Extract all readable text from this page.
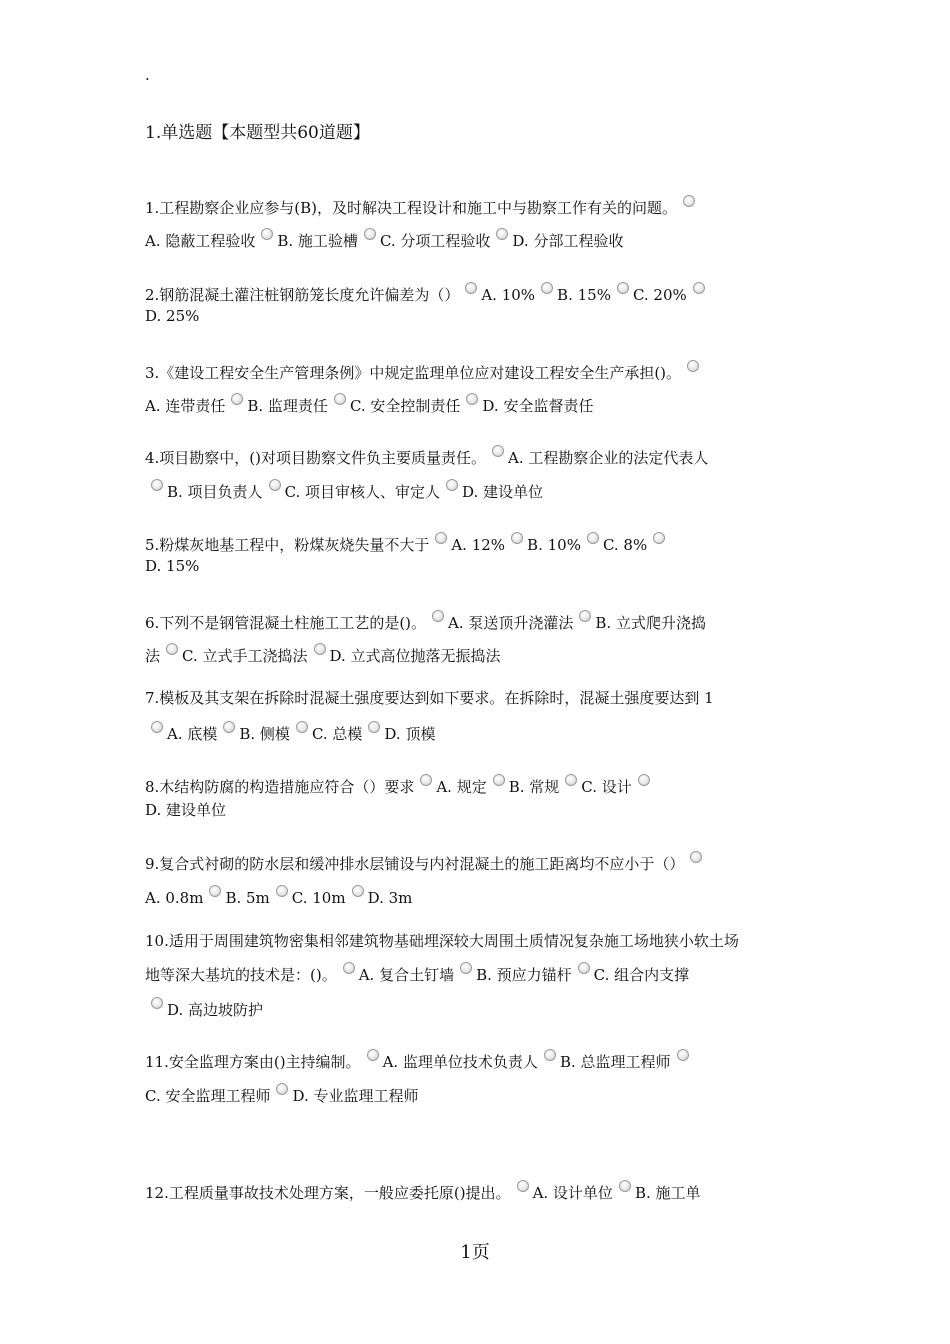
.
1.单选题【本题型共60道题】
1.工程勘察企业应参与(B)，及时解决工程设计和施工中与勘察工作有关的问题。
A. 隐蔽工程验收 B. 施工验槽 C. 分项工程验收 D. 分部工程验收
2.钢筋混凝土灌注桩钢筋笼长度允许偏差为（） A. 10% B. 15% C. 20%
D. 25%
3.《建设工程安全生产管理条例》中规定监理单位应对建设工程安全生产承担()。
A. 连带责任 B. 监理责任 C. 安全控制责任 D. 安全监督责任
4.项目勘察中，()对项目勘察文件负主要质量责任。 A. 工程勘察企业的法定代表人
B. 项目负责人 C. 项目审核人、审定人 D. 建设单位
5.粉煤灰地基工程中，粉煤灰烧失量不大于 A. 12% B. 10% C. 8%
D. 15%
6.下列不是钢管混凝土柱施工工艺的是()。 A. 泵送顶升浇灌法 B. 立式爬升浇捣
法 C. 立式手工浇捣法 D. 立式高位抛落无振捣法
7.模板及其支架在拆除时混凝土强度要达到如下要求。在拆除时，混凝土强度要达到 1
A. 底模 B. 侧模 C. 总模 D. 顶模
8.木结构防腐的构造措施应符合（）要求 A. 规定 B. 常规 C. 设计
D. 建设单位
9.复合式衬砌的防水层和缓冲排水层铺设与内衬混凝土的施工距离均不应小于（）
A. 0.8m B. 5m C. 10m D. 3m
10.适用于周围建筑物密集相邻建筑物基础埋深较大周围土质情况复杂施工场地狭小软土场
地等深大基坑的技术是：()。 A. 复合土钉墙 B. 预应力锚杆 C. 组合内支撑
D. 高边坡防护
11.安全监理方案由()主持编制。 A. 监理单位技术负责人 B. 总监理工程师
C. 安全监理工程师 D. 专业监理工程师
12.工程质量事故技术处理方案，一般应委托原()提出。 A. 设计单位 B. 施工单
1页
